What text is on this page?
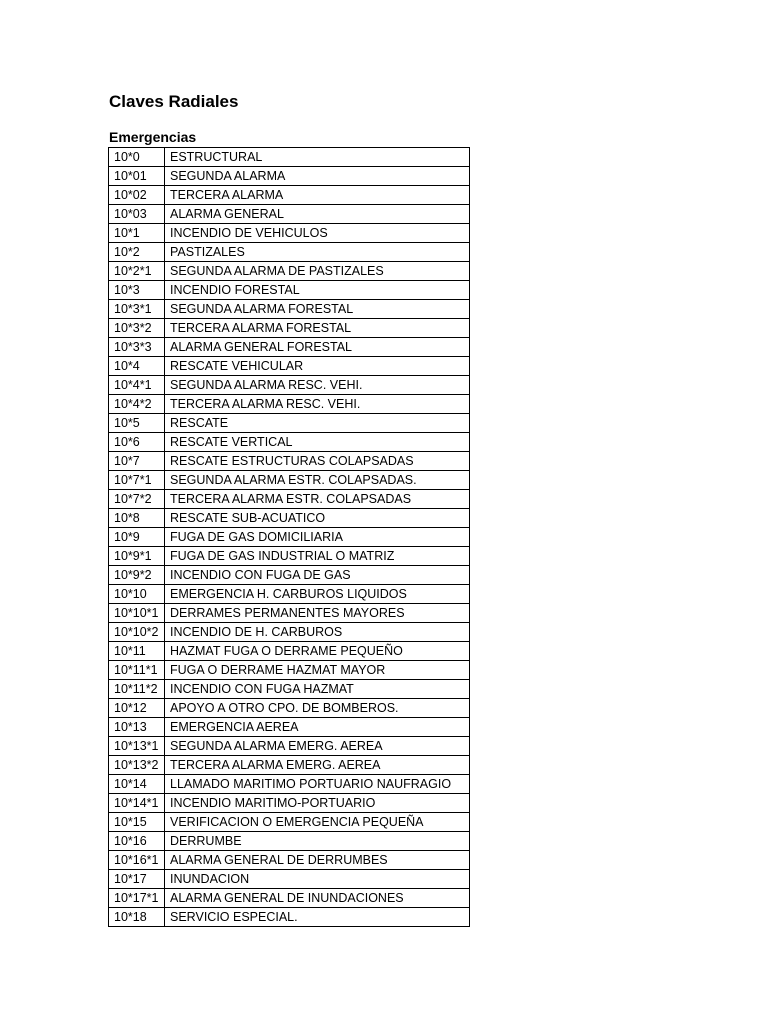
Claves Radiales
Emergencias
10*0	ESTRUCTURAL
10*01	SEGUNDA ALARMA
10*02	TERCERA ALARMA
10*03	ALARMA GENERAL
10*1	INCENDIO DE VEHICULOS
10*2	PASTIZALES
10*2*1	SEGUNDA ALARMA DE PASTIZALES
10*3	INCENDIO FORESTAL
10*3*1	SEGUNDA ALARMA FORESTAL
10*3*2	TERCERA ALARMA FORESTAL
10*3*3	ALARMA GENERAL FORESTAL
10*4	RESCATE VEHICULAR
10*4*1	SEGUNDA ALARMA RESC. VEHI.
10*4*2	TERCERA ALARMA RESC. VEHI.
10*5	RESCATE
10*6	RESCATE VERTICAL
10*7	RESCATE ESTRUCTURAS COLAPSADAS
10*7*1	SEGUNDA ALARMA ESTR. COLAPSADAS.
10*7*2	TERCERA ALARMA ESTR. COLAPSADAS
10*8	RESCATE SUB-ACUATICO
10*9	FUGA DE GAS DOMICILIARIA
10*9*1	FUGA DE GAS INDUSTRIAL O MATRIZ
10*9*2	INCENDIO CON FUGA DE GAS
10*10	EMERGENCIA H. CARBUROS LIQUIDOS
10*10*1	DERRAMES PERMANENTES MAYORES
10*10*2	INCENDIO DE H. CARBUROS
10*11	HAZMAT FUGA O DERRAME PEQUEÑO
10*11*1	FUGA O DERRAME HAZMAT MAYOR
10*11*2	INCENDIO CON FUGA HAZMAT
10*12	APOYO A OTRO CPO. DE BOMBEROS.
10*13	EMERGENCIA AEREA
10*13*1	SEGUNDA ALARMA EMERG. AEREA
10*13*2	TERCERA ALARMA EMERG. AEREA
10*14	LLAMADO MARITIMO PORTUARIO NAUFRAGIO
10*14*1	INCENDIO MARITIMO-PORTUARIO
10*15	VERIFICACION O EMERGENCIA PEQUEÑA
10*16	DERRUMBE
10*16*1	ALARMA GENERAL DE DERRUMBES
10*17	INUNDACION
10*17*1	ALARMA GENERAL DE INUNDACIONES
10*18	SERVICIO ESPECIAL.
